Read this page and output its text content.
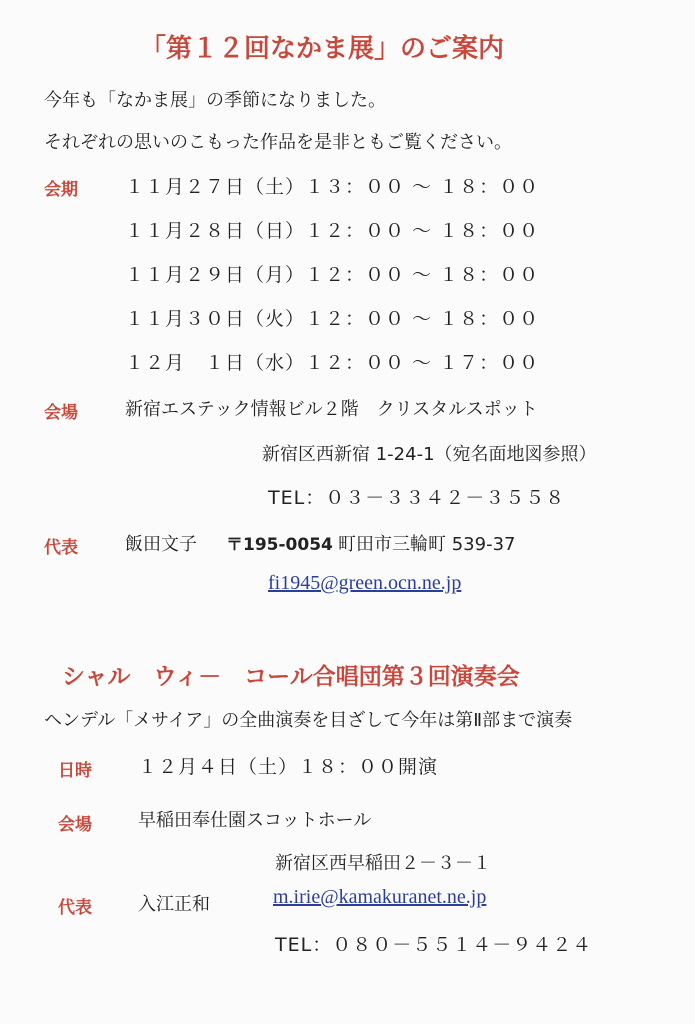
「第１２回なかま展」のご案内
今年も「なかま展」の季節になりました。
それぞれの思いのこもった作品を是非ともご覧ください。
会期 １１月２７日（土）１３：００ ～ １８：００
１１月２８日（日）１２：００ ～ １８：００
１１月２９日（月）１２：００ ～ １８：００
１１月３０日（火）１２：００ ～ １８：００
１２月　１日（水）１２：００ ～ １７：００
会場	新宿エステック情報ビル２階　クリスタルスポット
新宿区西新宿 1-24-1（宛名面地図参照）
TEL：０３－３３４２－３５５８
代表	飯田文子 〒195-0054 町田市三輪町 539-37
fi1945@green.ocn.ne.jp
シャル　ウィ－　コール合唱団第３回演奏会
ヘンデル「メサイア」の全曲演奏を目ざして今年は第Ⅱ部まで演奏
日時 １２月４日（土）１８：００開演
会場	早稲田奉仕園スコットホール
新宿区西早稲田２－３－１
代表	入江正和	m.irie@kamakuranet.ne.jp
TEL：０８０－５５１４－９４２４
